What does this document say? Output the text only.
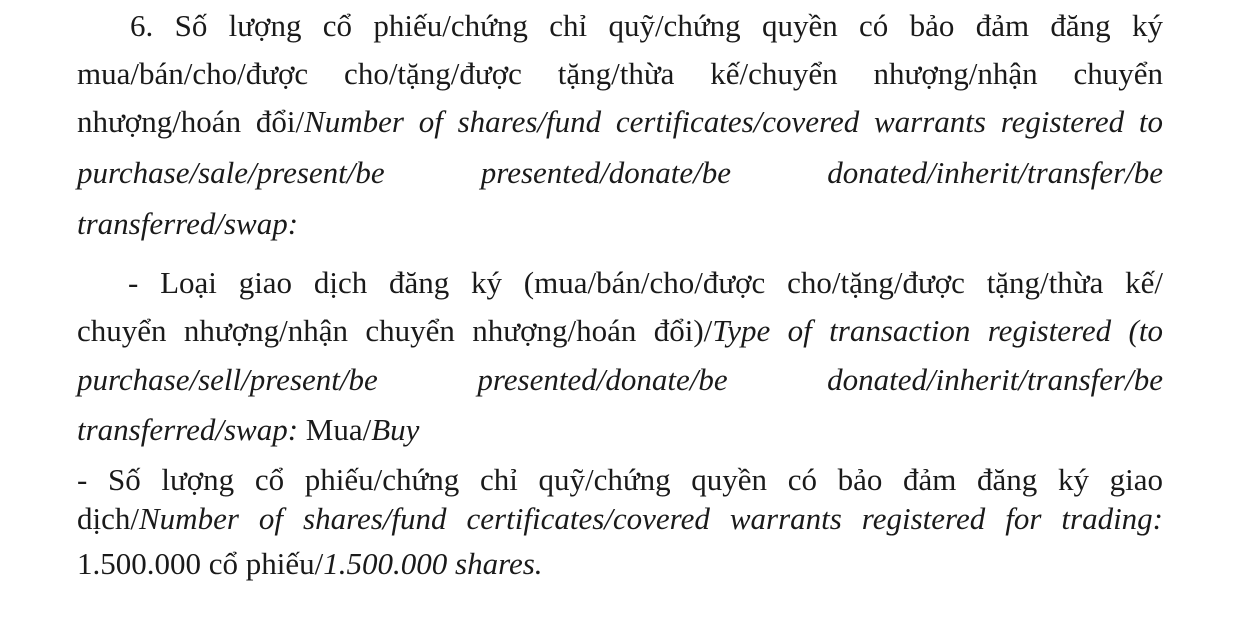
6. Số lượng cổ phiếu/chứng chỉ quỹ/chứng quyền có bảo đảm đăng ký
mua/bán/cho/được cho/tặng/được tặng/thừa kế/chuyển nhượng/nhận chuyển
nhượng/hoán đổi/Number of shares/fund certificates/covered warrants registered to
purchase/sale/present/be presented/donate/be donated/inherit/transfer/be
transferred/swap:
- Loại giao dịch đăng ký (mua/bán/cho/được cho/tặng/được tặng/thừa kế/
chuyển nhượng/nhận chuyển nhượng/hoán đổi)/Type of transaction registered (to
purchase/sell/present/be presented/donate/be donated/inherit/transfer/be
transferred/swap: Mua/Buy
- Số lượng cổ phiếu/chứng chỉ quỹ/chứng quyền có bảo đảm đăng ký giao
dịch/Number of shares/fund certificates/covered warrants registered for trading:
1.500.000 cổ phiếu/1.500.000 shares.
